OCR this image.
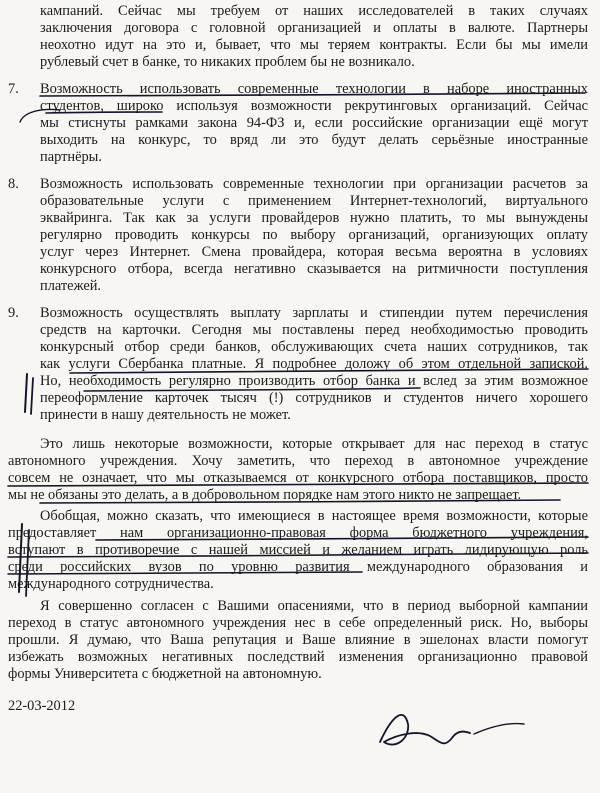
кампаний. Сейчас мы требуем от наших исследователей в таких случаях

заключения договора с головной организацией и оплаты в валюте. Партнеры

неохотно идут на это и, бывает, что мы теряем контракты. Если бы мы имели

рублевый счет в банке, то никаких проблем бы не возникало.

7. Возможность использовать современные технологии в наборе иностранных

студентов, широко используя возможности рекрутинговых организаций. Сейчас

мы стиснуты рамками закона 94-ФЗ и, если российские организации ещё могут

выходить на конкурс, то вряд ли это будут делать серьёзные иностранные

партнёры.

8. Возможность использовать современные технологии при организации расчетов за

образовательные услуги с применением Интернет-технологий, виртуального

эквайринга. Так как за услуги провайдеров нужно платить, то мы вынуждены

регулярно проводить конкурсы по выбору организаций, организующих оплату

услуг через Интернет. Смена провайдера, которая весьма вероятна в условиях

конкурсного отбора, всегда негативно сказывается на ритмичности поступления

платежей.

9. Возможность осуществлять выплату зарплаты и стипендии путем перечисления

средств на карточки. Сегодня мы поставлены перед необходимостью проводить

конкурсный отбор среди банков, обслуживающих счета наших сотрудников, так

как услуги Сбербанка платные. Я подробнее доложу об этом отдельной запиской.

Но, необходимость регулярно производить отбор банка и вслед за этим возможное

переоформление карточек тысяч (!) сотрудников и студентов ничего хорошего

принести в нашу деятельность не может.

Это лишь некоторые возможности, которые открывает для нас переход в статус

автономного учреждения. Хочу заметить, что переход в автономное учреждение

совсем не означает, что мы отказываемся от конкурсного отбора поставщиков, просто

мы не обязаны это делать, а в добровольном порядке нам этого никто не запрещает.

Обобщая, можно сказать, что имеющиеся в настоящее время возможности, которые

предоставляет нам организационно-правовая форма бюджетного учреждения,

вступают в противоречие с нашей миссией и желанием играть лидирующую роль

среди российских вузов по уровню развития международного образования и

международного сотрудничества.

Я совершенно согласен с Вашими опасениями, что в период выборной кампании

переход в статус автономного учреждения нес в себе определенный риск. Но, выборы

прошли. Я думаю, что Ваша репутация и Ваше влияние в эшелонах власти помогут

избежать возможных негативных последствий изменения организационно правовой

формы Университета с бюджетной на автономную.

22-03-2012
